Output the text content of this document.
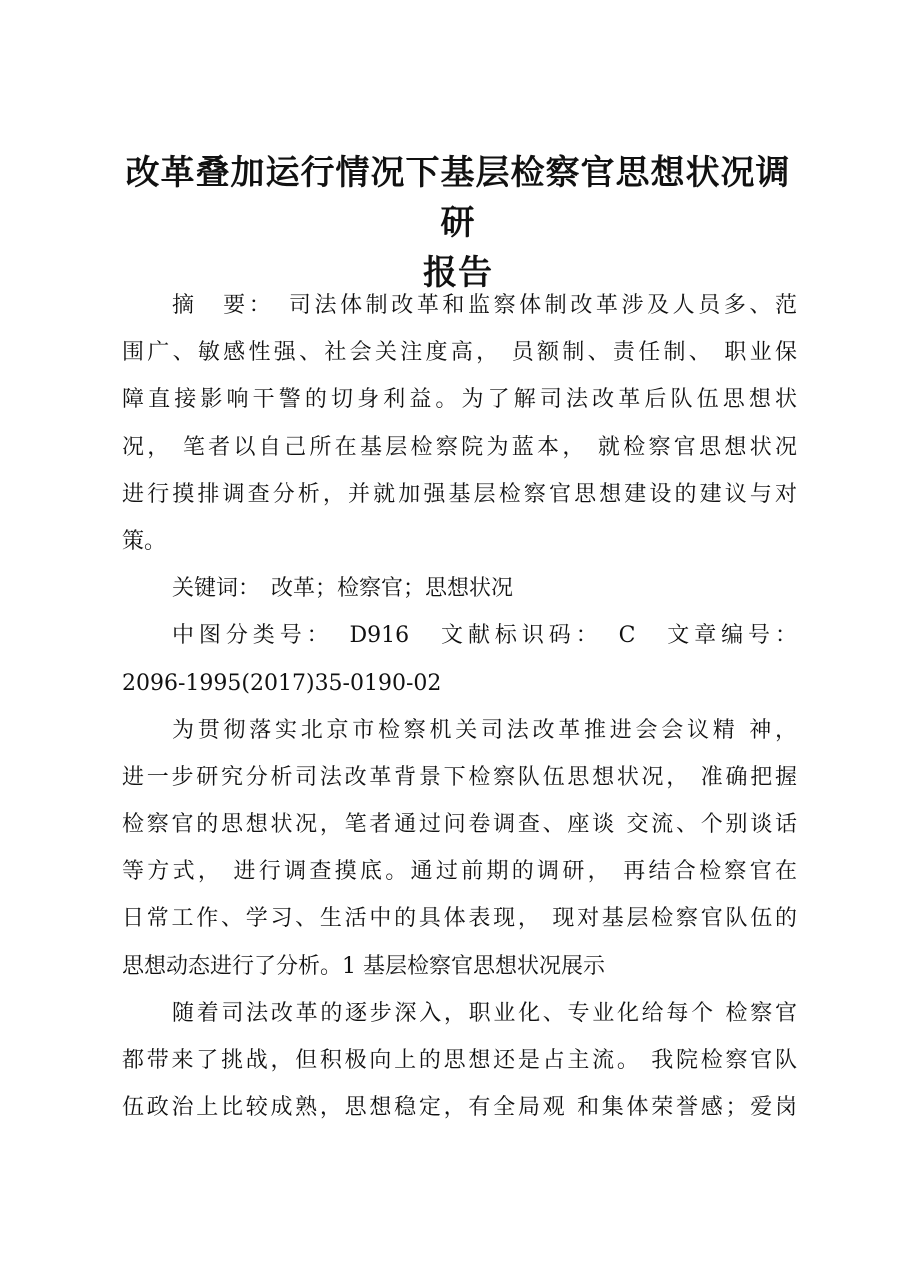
改革叠加运行情况下基层检察官思想状况调研
报告
摘　要：　司法体制改革和监察体制改革涉及人员多、范
围广、敏感性强、社会关注度高， 员额制、责任制、 职业保
障直接影响干警的切身利益。为了解司法改革后队伍思想状
况， 笔者以自己所在基层检察院为蓝本， 就检察官思想状况
进行摸排调查分析，并就加强基层检察官思想建设的建议与对
策。
关键词：　改革；检察官；思想状况
中图分类号：　D916　文献标识码：　C　文章编号：
2096-1995(2017)35-0190-02
为贯彻落实北京市检察机关司法改革推进会会议精 神，
进一步研究分析司法改革背景下检察队伍思想状况， 准确把握
检察官的思想状况，笔者通过问卷调查、座谈 交流、个别谈话
等方式， 进行调查摸底。通过前期的调研， 再结合检察官在
日常工作、学习、生活中的具体表现， 现对基层检察官队伍的
思想动态进行了分析。1 基层检察官思想状况展示
随着司法改革的逐步深入，职业化、专业化给每个 检察官
都带来了挑战，但积极向上的思想还是占主流。 我院检察官队
伍政治上比较成熟，思想稳定，有全局观 和集体荣誉感；爱岗
